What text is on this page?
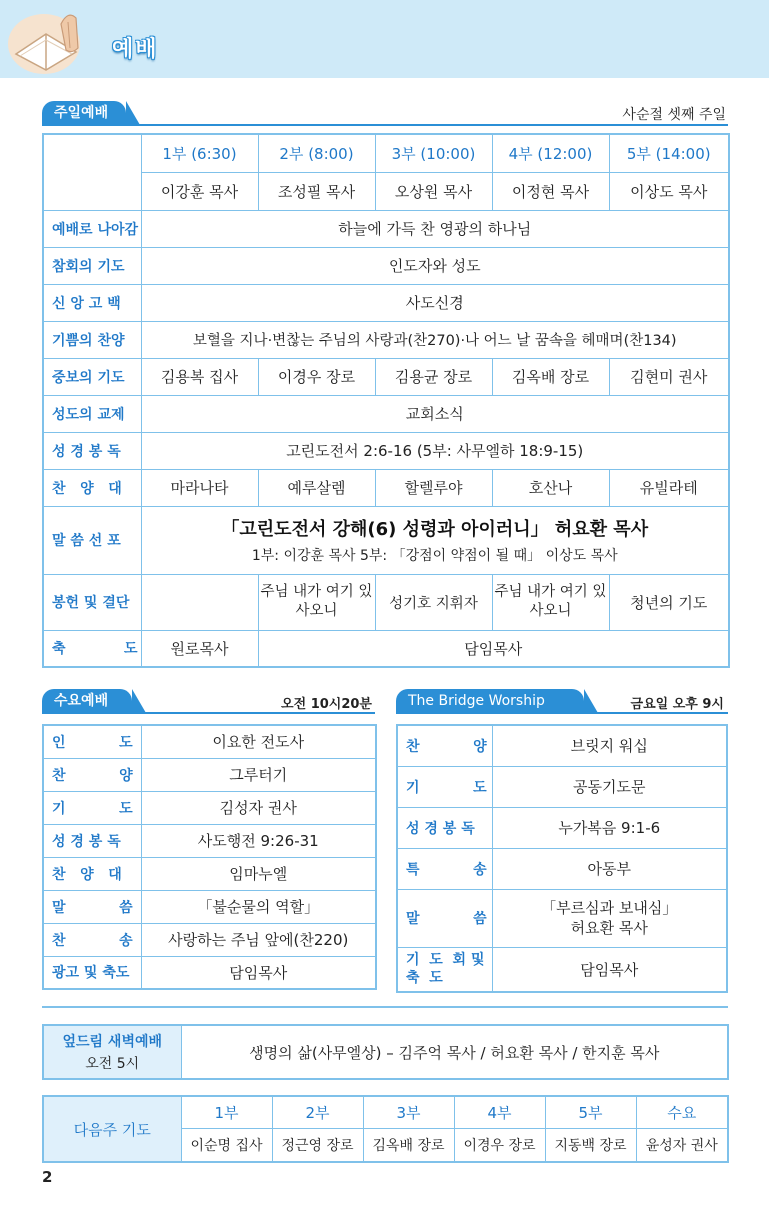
예배
주일예배	사순절 셋째 주일
	1부 (6:30)	2부 (8:00)	3부 (10:00)	4부 (12:00)	5부 (14:00)
	이강훈 목사	조성필 목사	오상원 목사	이정현 목사	이상도 목사
예배로 나아감	하늘에 가득 찬 영광의 하나님				
참회의 기도	인도자와 성도				
신 앙 고 백	사도신경				
기쁨의 찬양	보혈을 지나·변찮는 주님의 사랑과(찬270)·나 어느 날 꿈속을 헤매며(찬134)				
중보의 기도	김용복 집사	이경우 장로	김용균 장로	김옥배 장로	김현미 권사
성도의 교제	교회소식				
성 경 봉 독	고린도전서 2:6-16 (5부: 사무엘하 18:9-15)				
찬   양   대	마라나타	예루살렘	할렐루야	호산나	유빌라테
말 씀 선 포	「고린도전서 강해(6) 성령과 아이러니」 허요환 목사
1부: 이강훈 목사 5부: 「강점이 약점이 될 때」 이상도 목사				

봉헌 및 결단		주님 내가 여기 있사오니	성기호 지휘자	주님 내가 여기 있사오니	청년의 기도
축            도	원로목사	담임목사			
수요예배	오전 10시20분
인           도	이요한 전도사
찬           양	그루터기
기           도	김성자 권사
성 경 봉 독	사도행전 9:26-31
찬   양   대	임마누엘
말           씀	「불순물의 역할」
찬           송	사랑하는 주님 앞에(찬220)
광고 및 축도	담임목사
The Bridge Worship	금요일 오후 9시
찬           양	브릿지 워십
기           도	공동기도문
성 경 봉 독	누가복음 9:1-6
특           송	아동부
말           씀	「부르심과 보내심」 허요환 목사
기  도  회 및    축  도	담임목사
엎드림 새벽예배
오전 5시
	생명의 삶(사무엘상) – 김주억 목사 / 허요환 목사 / 한지훈 목사
다음주 기도	1부	2부	3부	4부	5부	수요
	이순명 집사	정근영 장로	김옥배 장로	이경우 장로	지동백 장로	윤성자 권사
2
